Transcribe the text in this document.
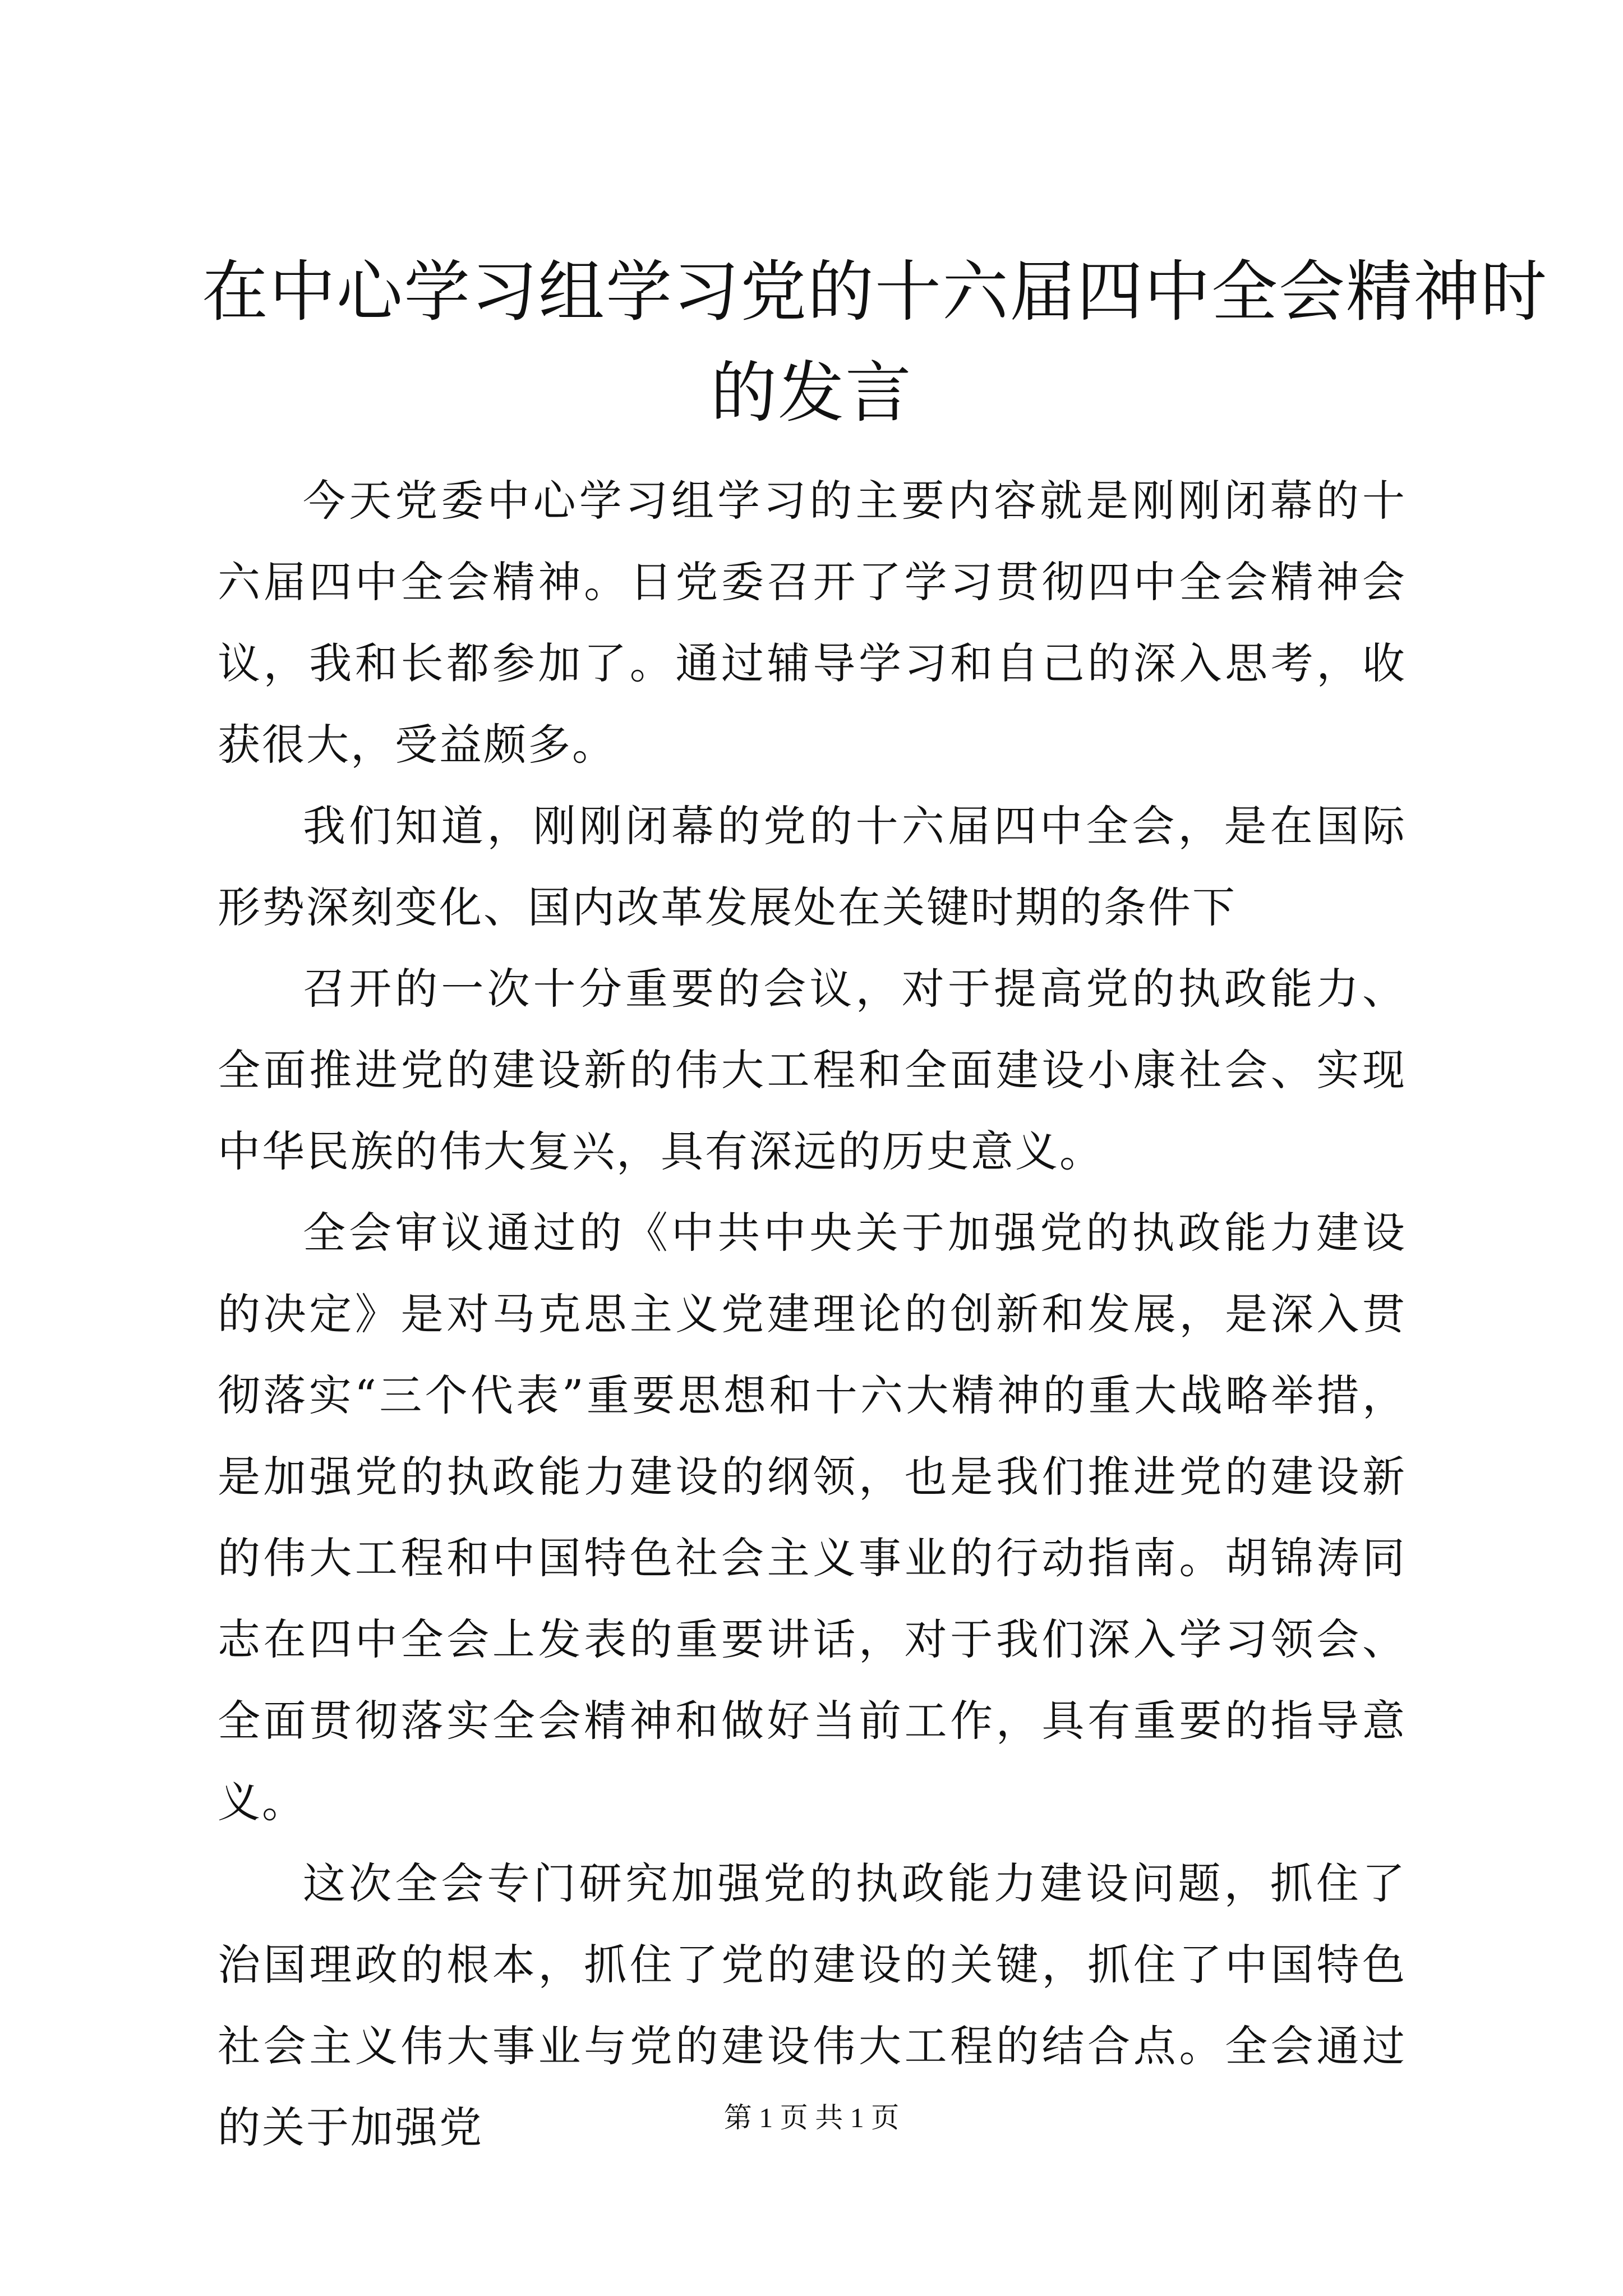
在中心学习组学习党的十六届四中全会精神时
的发言

今天党委中心学习组学习的主要内容就是刚刚闭幕的十六届四中全会精神。日党委召开了学习贯彻四中全会精神会议，我和长都参加了。通过辅导学习和自己的深入思考，收获很大，受益颇多。

我们知道，刚刚闭幕的党的十六届四中全会，是在国际形势深刻变化、国内改革发展处在关键时期的条件下

召开的一次十分重要的会议，对于提高党的执政能力、全面推进党的建设新的伟大工程和全面建设小康社会、实现中华民族的伟大复兴，具有深远的历史意义。

全会审议通过的《中共中央关于加强党的执政能力建设的决定》是对马克思主义党建理论的创新和发展，是深入贯彻落实“三个代表”重要思想和十六大精神的重大战略举措，是加强党的执政能力建设的纲领，也是我们推进党的建设新的伟大工程和中国特色社会主义事业的行动指南。胡锦涛同志在四中全会上发表的重要讲话，对于我们深入学习领会、全面贯彻落实全会精神和做好当前工作，具有重要的指导意义。

这次全会专门研究加强党的执政能力建设问题，抓住了治国理政的根本，抓住了党的建设的关键，抓住了中国特色社会主义伟大事业与党的建设伟大工程的结合点。全会通过的关于加强党	第 1 页 共 1 页
